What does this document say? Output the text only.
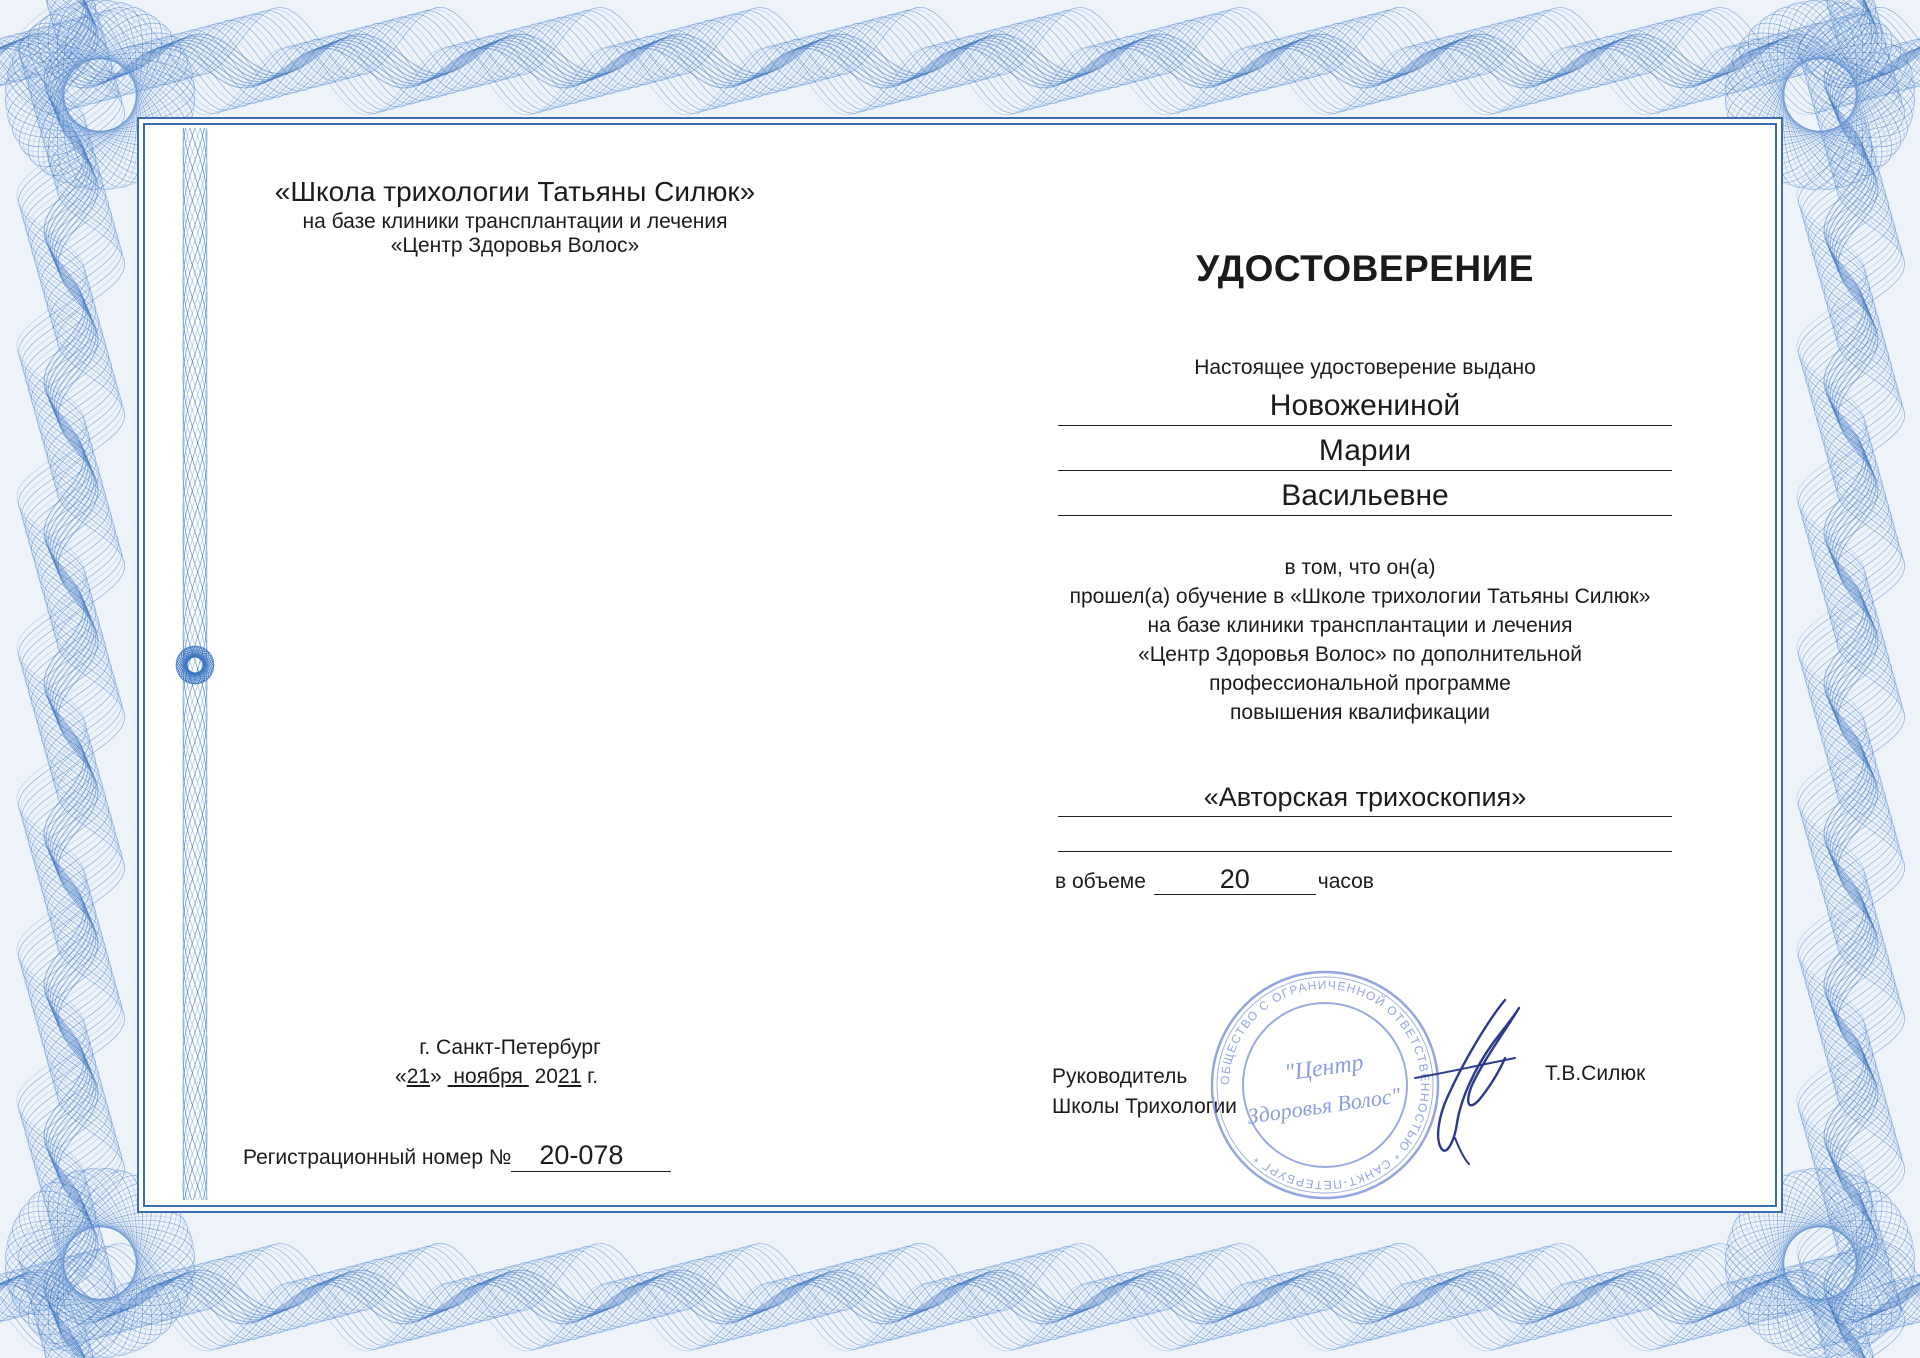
«Школа трихологии Татьяны Силюк»
на базе клиники трансплантации и лечения
«Центр Здоровья Волос»
г. Санкт-Петербург
«21» ноября 2021 г.
Регистрационный номер № 20-078
УДОСТОВЕРЕНИЕ
Настоящее удостоверение выдано
Новожениной
Марии
Васильевне
в том, что он(а)
прошел(а) обучение в «Школе трихологии Татьяны Силюк»
на базе клиники трансплантации и лечения
«Центр Здоровья Волос» по дополнительной
профессиональной программе
повышения квалификации
«Авторская трихоскопия»
в объеме	20	часов
Руководитель
Школы Трихологии
Т.В.Силюк
ОБЩЕСТВО С ОГРАНИЧЕННОЙ ОТВЕТСТВЕННОСТЬЮ * САНКТ-ПЕТЕРБУРГ *
"Центр
Здоровья Волос"
